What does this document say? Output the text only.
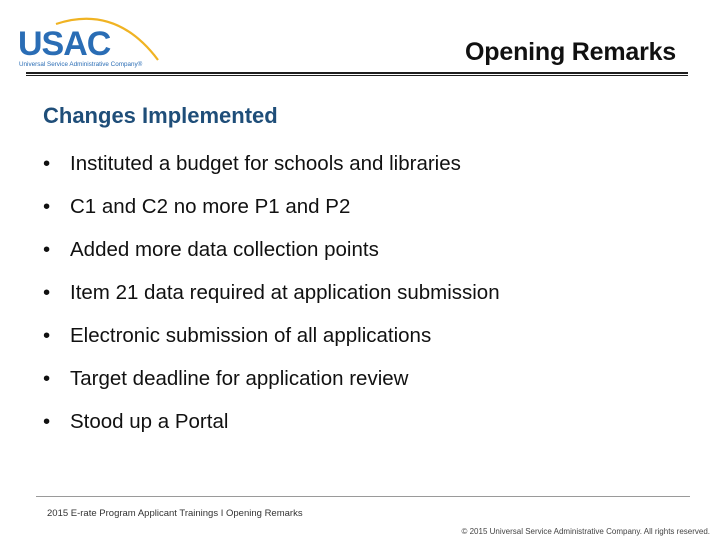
USAC
Universal Service Administrative Company®	Opening Remarks
Changes Implemented
• Instituted a budget for schools and libraries
• C1 and C2 no more P1 and P2
• Added more data collection points
• Item 21 data required at application submission
• Electronic submission of all applications
• Target deadline for application review
• Stood up a Portal
2015 E-rate Program Applicant Trainings I Opening Remarks
© 2015 Universal Service Administrative Company. All rights reserved.
